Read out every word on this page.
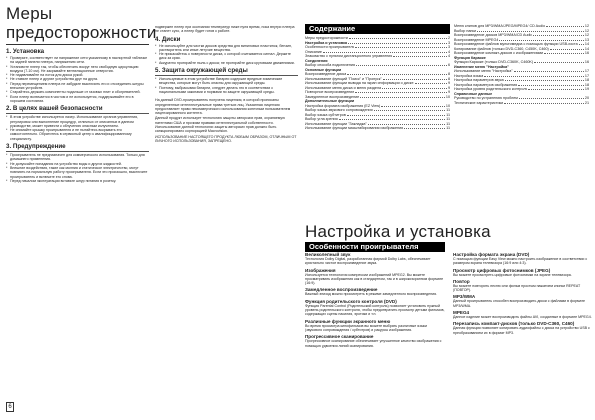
Меры предосторожности
1. Установка
* Проверьте, соответствует ли напряжение сети указанному в паспортной табличке на задней панели плеера, напряжению сети.
* Установите плеер так, чтобы обеспечить вокруг него свободную циркуляцию воздуха (7-10 см). Не закрывайте вентиляционные отверстия.
* Не надавливайте на лоток для диска рукой.
* Не ставьте плеер и другие устройства друг на друга.
* Перед перемещением плеера не забудьте выключить его и отсоединить шнуры внешних устройств.
* Старайтесь держать компоненты подальше от газовых плит и обогревателей.
* Если плеер включается в чистом и не используется, поддерживайте его в хорошем состоянии.
2. В целях вашей безопасности
* В этом устройстве используется лазер. Использование органов управления, регулировок или выполнение процедур, отличных от описанных в данном руководстве, может привести к облучению опасным излучением.
* Не снимайте крышку проигрывателя и не пытайтесь вскрывать его самостоятельно. Обратитесь в сервисный центр к квалифицированному специалисту.
3. Предупреждение
* Проигрыватель не предназначен для коммерческого использования. Только для домашнего применения.
* Не допускайте попадания на устройство воды и других жидкостей.
* Внешние воздействия, такие как молния и статическое электричество, могут повлиять на нормальную работу проигрывателя. Если это произошло, выключите проигрыватель и включите его снова.
* Перед началом эксплуатации вставьте шнур питания в розетку.
подвержен плеер при окончании температур ниже нуля время, пока внутри плеера не станет сухо, а плеер будет готов к работе.
4. Диски
* Не используйте для чистки дисков средства для виниловых пластинок, бензин, растворитель или иные летучие вещества.
* Не прикасайтесь к поверхности диска, с которой считывается сигнал. Держите диск за края.
* Аккуратно протирайте пыль с диска; не протирайте диск круговыми движениями.
5. Защита окружающей среды
* Используемые в этом устройстве батареи содержат вредные химические вещества, которые могут быть опасны для окружающей среды.
* Поэтому, выбрасывая батареи, следует делать это в соответствии с национальными законами и нормами по защите окружающей среды.
На данный DVD-проигрыватель получена лицензия, в которой прописаны определенные интеллектуальные права третьих лиц. Указанная лицензия предоставляет право некоммерческого использования конечным пользователем лицензированного контента.
Данный продукт использует технологию защиты авторских прав, охраняемую патентами США и прочими правами интеллектуальной собственности. Использование данной технологии защиты авторских прав должно быть санкционировано корпорацией Macrovision.
ИСПОЛЬЗОВАНИЕ НАСТОЯЩЕГО ПРОДУКТА ЛЮБЫМ ОБРАЗОМ, ОТЛИЧНЫМ ОТ ЛИЧНОГО ИСПОЛЬЗОВАНИЯ, ЗАПРЕЩЕНО.
Содержание
Меры предосторожности	2
Настройка и установка	3
Особенности проигрывателя	3
Описание	4
Знакомство с пультом дистанционного управления	4
Соединения
Выбор способа подключения	6
Основные функции
Воспроизведение диска	8
Использование функций "Поиск" и "Пропуск"	8
Использование функции вывода на экран информации о диске	9
Использование меню диска и меню раздела	9
Повторное воспроизведение	9
Замедленное воспроизведение	10
Дополнительные функции
Настройка формата изображения (EZ View)	10
Выбор языка звукового сопровождения	11
Выбор языка субтитров	11
Выбор угла зрения	11
Использование функции "Закладка"	11
Использование функции масштабирования изображения	11
Меню клипов для MP3/WMA/JPEG/MPEG4/ CD Audio	12
Выбор папки	12
Воспроизведение дисков MP3/WMA/CD Audio	12
Воспроизведение MPEG4	13
Воспроизведение файлов мультимедиа с помощью функции USB-хоста 14
Копирование файлов (только DVD-C360, C450K, C460)	14
Воспроизведение компакт-дисков с изображениями	16
Функция Караоке
Функции Караоке (только DVD-C360K, C460K)	16
Изменение меню "Настройка"
Использование меню "Настройка"	17
Настройка языка	17
Настройка параметров звука	18
Настройка параметров изображения	18
Настройка уровня родительского контроля	19
Справочные данные
Руководство по устранению проблем	20
Технические характеристики	21
Настройка и установка
Особенности проигрывателя
Великолепный звук
Технология Dolby Digital, разработанная фирмой Dolby Labs, обеспечивает кристально чистое воспроизведение звука.
Изображения
Используется технология компрессии изображений MPEG2. Вы можете просматривать изображения как в стандартном, так и в широкоэкранном формате (16:9).
Замедленное воспроизведение
Важный эпизод можно просмотреть в режиме замедленного воспроизведения.
Функция родительского контроля (DVD)
Функция Parental Control (Родительский контроль) позволяет установить нужный уровень родительского контроля, чтобы предотвратить просмотр детьми фильмов, содержащих сцены насилия, эротики и т.п.
Различные функции экранного меню
Во время просмотра кинофильмов вы можете выбрать различные языки (звукового сопровождения / субтитров) и ракурсы изображения.
Прогрессивное сканирование
Прогрессивное сканирование обеспечивает улучшенное качество изображения с помощью удвоения линий сканирования.
Настройка формата экрана (DVD)
С помощью функции Easy View можно настроить изображение в соответствии с размером экрана телевизора (16:9 или 4:3).
Просмотр цифровых фотоснимков (JPEG)
Вы можете просмотреть цифровые фотоснимки на экране телевизора.
Повтор
Вы можете повторить песню или фильм простым нажатием кнопки REPEAT (ПОВТОР).
MP3/WMA
Данный проигрыватель способен воспроизводить диски с файлами в формате MP3/WMA.
MPEG4
Данное изделие может воспроизводить файлы AVI, созданные в формате MPEG4.
Перезапись компакт-дисков (только DVD-C360, C460)
Данная функция позволяет копировать аудиофайлы с диска на устройство USB с преобразованием их в формат MP3.
6
